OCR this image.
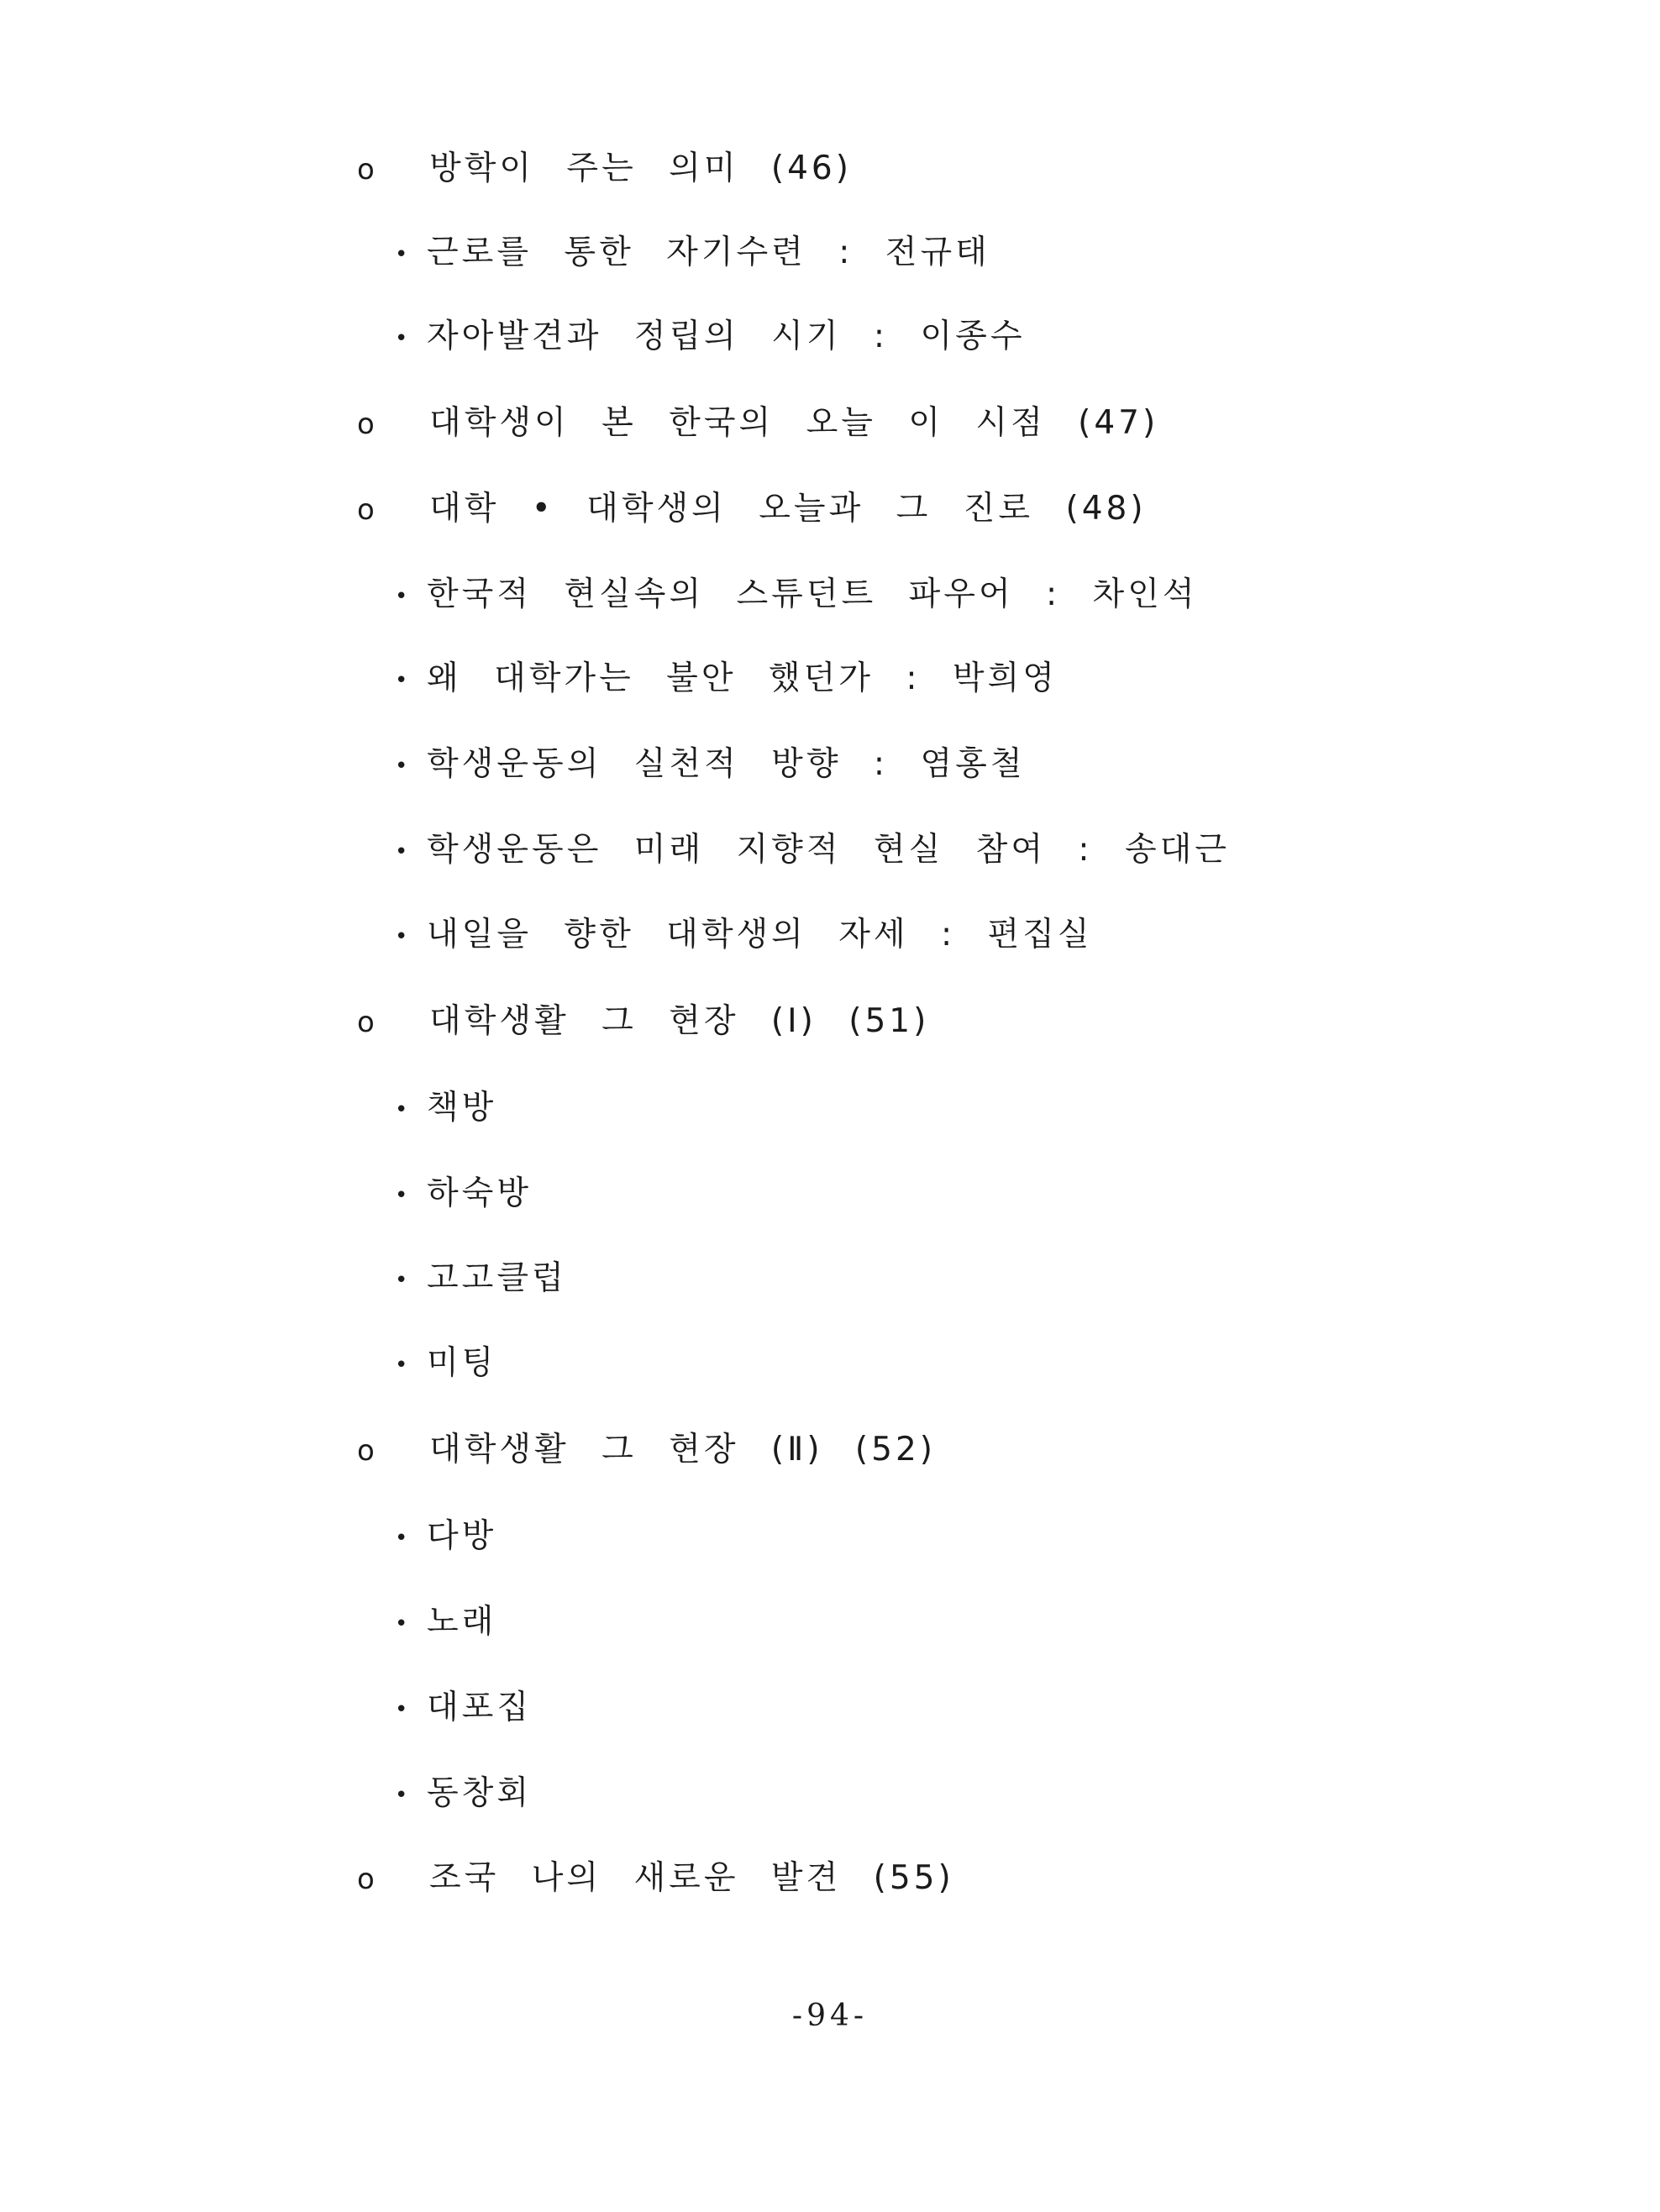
o 방학이 주는 의미 (46)
• 근로를 통한 자기수련 : 전규태
• 자아발견과 정립의 시기 : 이종수
o 대학생이 본 한국의 오늘 이 시점 (47)
o 대학 • 대학생의 오늘과 그 진로 (48)
• 한국적 현실속의 스튜던트 파우어 : 차인석
• 왜 대학가는 불안 했던가 : 박희영
• 학생운동의 실천적 방향 : 염홍철
• 학생운동은 미래 지향적 현실 참여 : 송대근
• 내일을 향한 대학생의 자세 : 편집실
o 대학생활 그 현장 (Ⅰ) (51)
• 책방
• 하숙방
• 고고클럽
• 미팅
o 대학생활 그 현장 (Ⅱ) (52)
• 다방
• 노래
• 대포집
• 동창회
o 조국 나의 새로운 발견 (55)
-94-
